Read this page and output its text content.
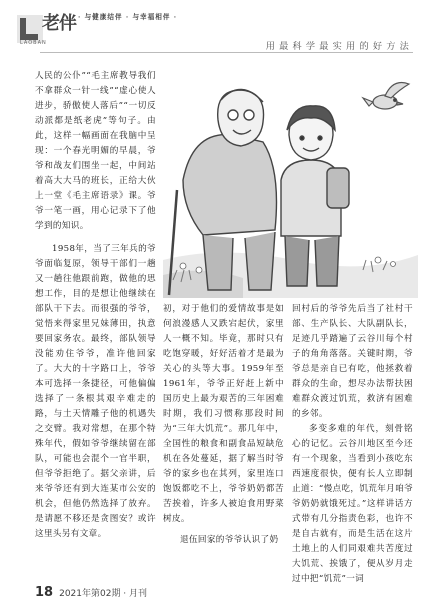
LAOBAN
老伴 · 与健康结伴 · 与幸福相伴 ·
用最科学最实用的好方法

人民的公仆”“毛主席教导我们不拿群众一针一线”“虚心使人进步，骄傲使人落后”“一切反动派都是纸老虎”等句子。由此，这样一幅画面在我脑中呈现：一个春光明媚的早晨，爷爷和战友们围坐一起，中间站着高大大马的班长，正给大伙上一堂《毛主席语录》课。爷爷一笔一画，用心记录下了他学到的知识。

1958年，当了三年兵的爷爷面临复原，领导干部们一趟又一趟往他跟前跑，做他的思想工作，目的是想让他继续在部队干下去。而很强的爷爷，觉悟来得家里兄妹薄田，执意要回家务农。最终，部队领导没能劝住爷爷，准许他回家了。大大的十字路口上，爷爷本可选择一条捷径，可他偏偏选择了一条根其艰辛难走的路，与土天情雕子他的机遇失之交臂。我对常想，在那个特殊年代，假如爷爷继续留在部队，可能也会混个一官半职，但爷爷拒绝了。据父亲讲，后来爷爷还有到大连某市公安的机会，但他仍然选择了放弃。是请愿不移还是贪图安？或许这里头另有文章。

初，对于他们的爱情故事是如何浪漫感人又跌宕起伏，家里人一概不知。毕竟，那时只有吃饱穿暖，好好活着才是最为关心的头等大事。1959年至1961年，爷爷正好赶上新中国历史上最为艰苦的三年困难时期，我们习惯称那段时间为“三年大饥荒”。那几年中，全国性的粮食和副食品短缺危机在各处蔓延，据了解当时爷爷的家乡也在其列，家里连口饱饭都吃不上，爷爷奶奶都苦苦挨着，许多人被迫食用野菜树皮。

退伍回家的爷爷认识了奶

回村后的爷爷先后当了社村干部、生产队长、大队副队长，足迹几乎踏遍了云谷川每个村子的角角落落。关键时期，爷爷总是亲自已有吃，他拯救着群众的生命，想尽办法帮扶困难群众渡过饥荒，救济有困难的乡邻。

多变多难的年代，刻骨铭心的记忆。云谷川地区至今还有一个现象，当看到小孩吃东西速度很快，便有长人立即制止道：“慢点吃，饥荒年月咱爷爷奶奶就饿死过。”这样讲话方式带有几分指责色彩，也许不是自古就有，而是生活在这片土地上的人们同艰难共苦度过大饥荒、挨饿了，便从岁月走过中把“饥荒”一词

18 2021年第02期 · 月刊
